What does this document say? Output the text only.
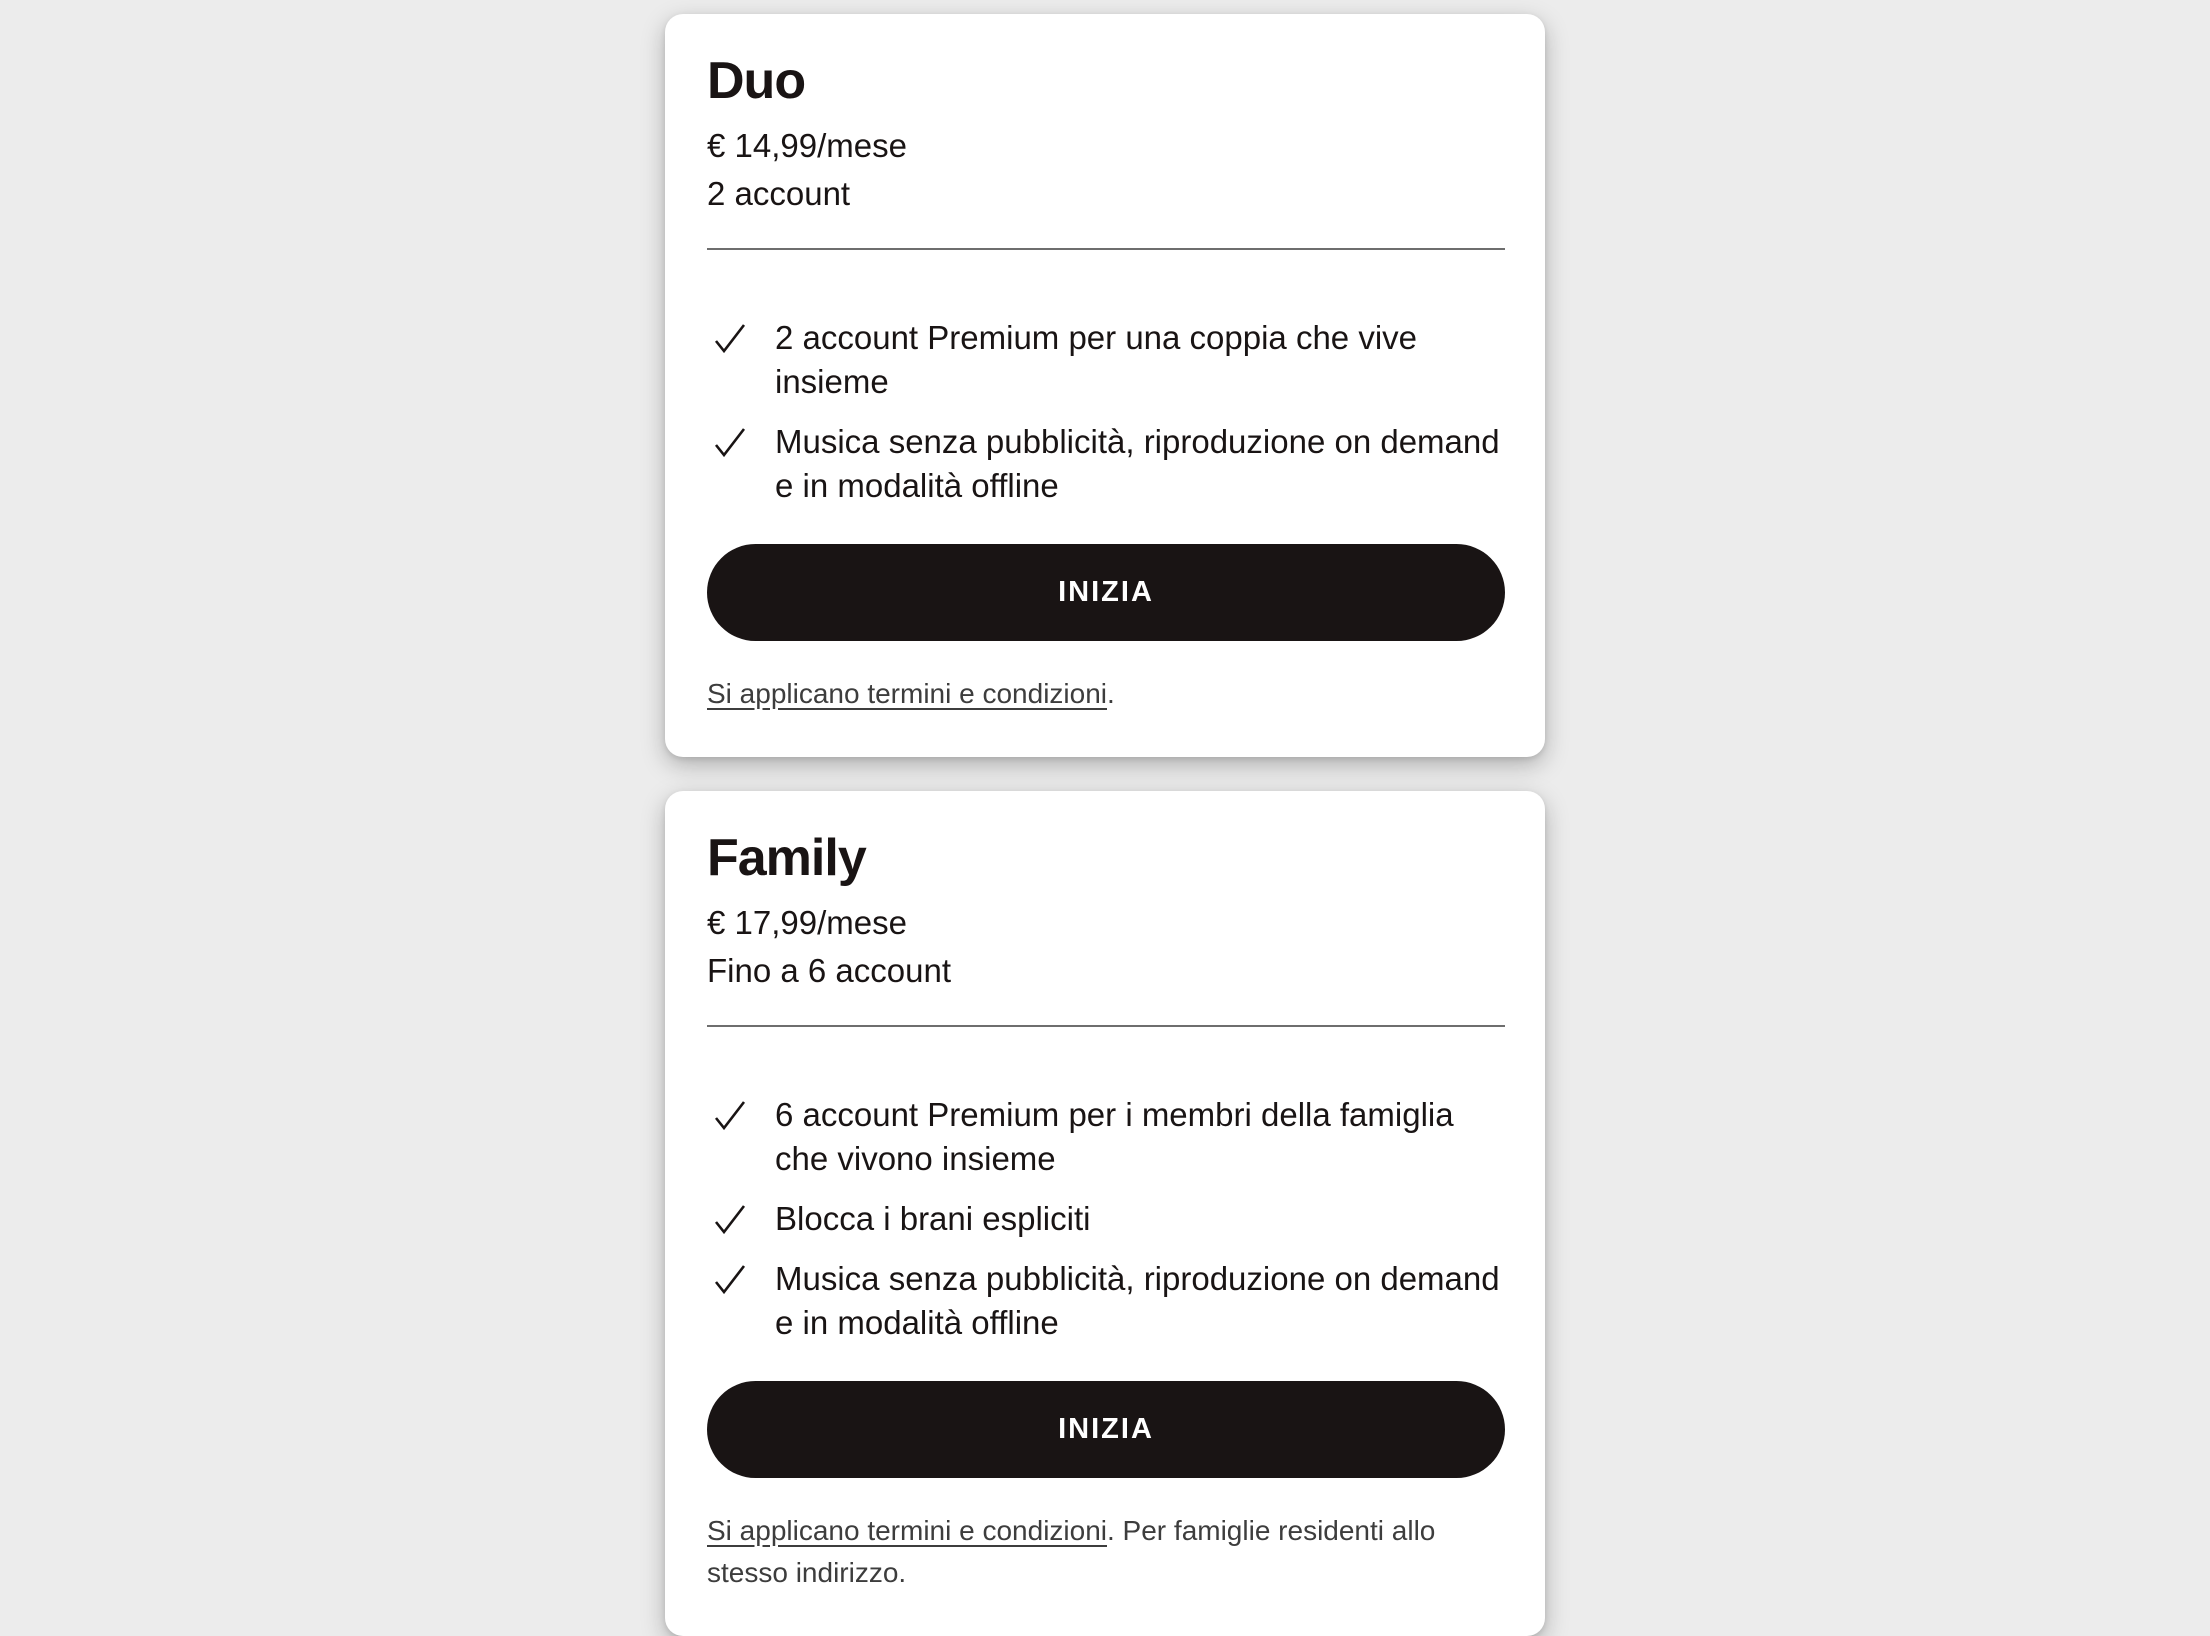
Duo

€ 14,99/mese

2 account

2 account Premium per una coppia che vive insieme
Musica senza pubblicità, riproduzione on demand e in modalità offline
INIZIA

Si applicano termini e condizioni.

Family

€ 17,99/mese

Fino a 6 account

6 account Premium per i membri della famiglia che vivono insieme
Blocca i brani espliciti
Musica senza pubblicità, riproduzione on demand e in modalità offline
INIZIA

Si applicano termini e condizioni. Per famiglie residenti allo stesso indirizzo.
